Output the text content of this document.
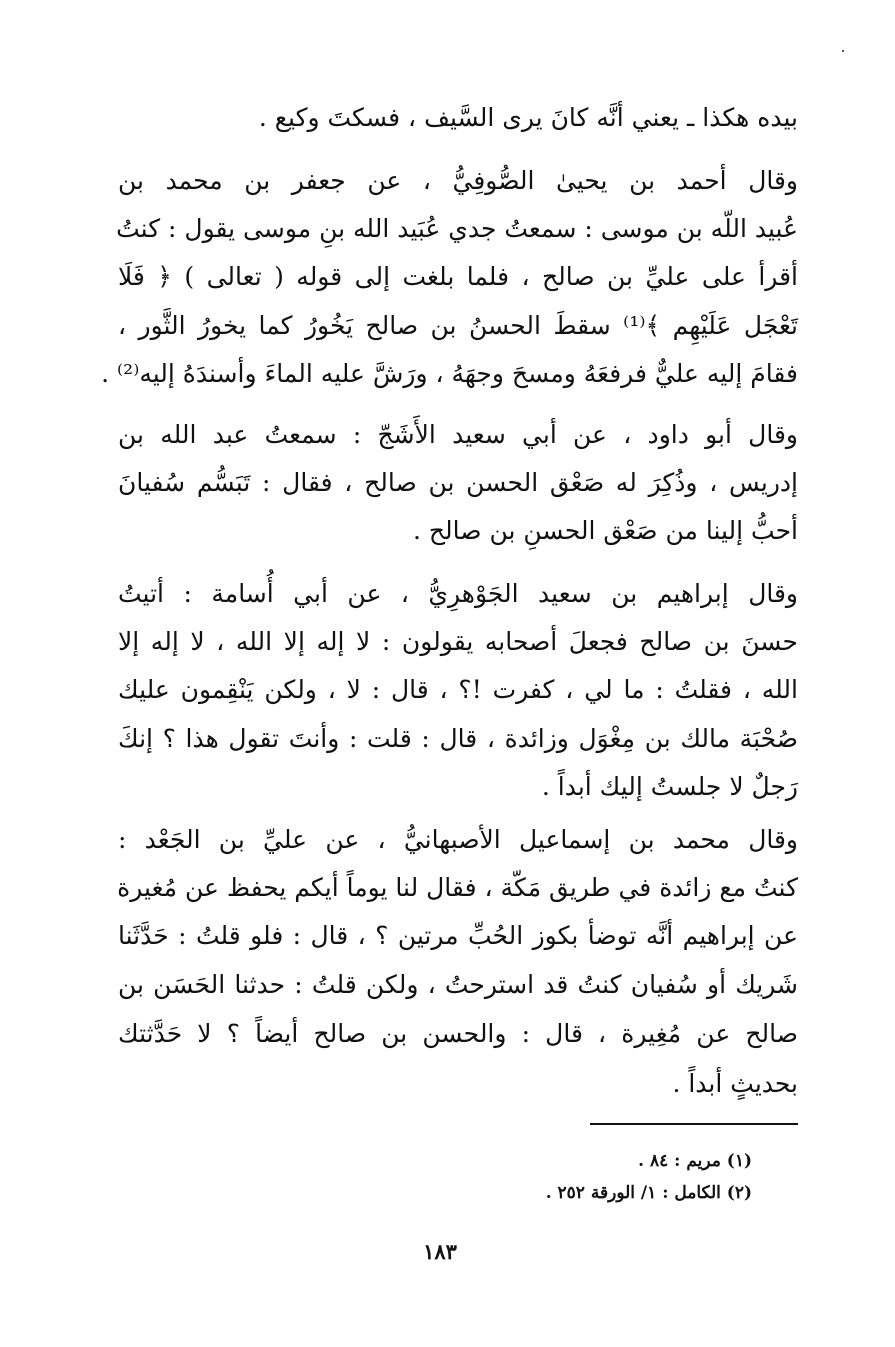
بيده هكذا ـ يعني أنَّه كانَ يرى السَّيف ، فسكتَ وكيع .
وقال أحمد بن يحيىٰ الصُّوفِيُّ ، عن جعفر بن محمد بن
عُبيد اللّه بن موسى : سمعتُ جدي عُبَيد الله بنِ موسى يقول : كنتُ
أقرأ على عليِّ بن صالح ، فلما بلغت إلى قوله ( تعالى ) ﴿ فَلَا
تَعْجَل عَلَيْهِم ﴾⁽¹⁾ سقطَ الحسنُ بن صالح يَخُورُ كما يخورُ الثَّور ،
فقامَ إليه عليٌّ فرفعَهُ ومسحَ وجهَهُ ، ورَشَّ عليه الماءَ وأسندَهُ إليه⁽²⁾ .
وقال أبو داود ، عن أبي سعيد الأَشَجّ : سمعتُ عبد الله بن
إدريس ، وذُكِرَ له صَعْق الحسن بن صالح ، فقال : تَبَسُّم سُفيانَ
أحبُّ إلينا من صَعْق الحسنِ بن صالح .
وقال إبراهيم بن سعيد الجَوْهرِيُّ ، عن أبي أُسامة : أتيتُ
حسنَ بن صالح فجعلَ أصحابه يقولون : لا إله إلا الله ، لا إله إلا
الله ، فقلتُ : ما لي ، كفرت !؟ ، قال : لا ، ولكن يَنْقِمون عليك
صُحْبَة مالك بن مِغْوَل وزائدة ، قال : قلت : وأنتَ تقول هذا ؟ إنكَ
رَجلٌ لا جلستُ إليك أبداً .
وقال محمد بن إسماعيل الأصبهانيُّ ، عن عليِّ بن الجَعْد :
كنتُ مع زائدة في طريق مَكّة ، فقال لنا يوماً أيكم يحفظ عن مُغيرة
عن إبراهيم أنَّه توضأ بكوز الحُبِّ مرتين ؟ ، قال : فلو قلتُ : حَدَّثَنا
شَريك أو سُفيان كنتُ قد استرحتُ ، ولكن قلتُ : حدثنا الحَسَن بن
صالح عن مُغِيرة ، قال : والحسن بن صالح أيضاً ؟ لا حَدَّثتك
بحديثٍ أبداً .
(١) مريم : ٨٤ .
(٢) الكامل : ١/ الورقة ٢٥٢ .
١٨٣
